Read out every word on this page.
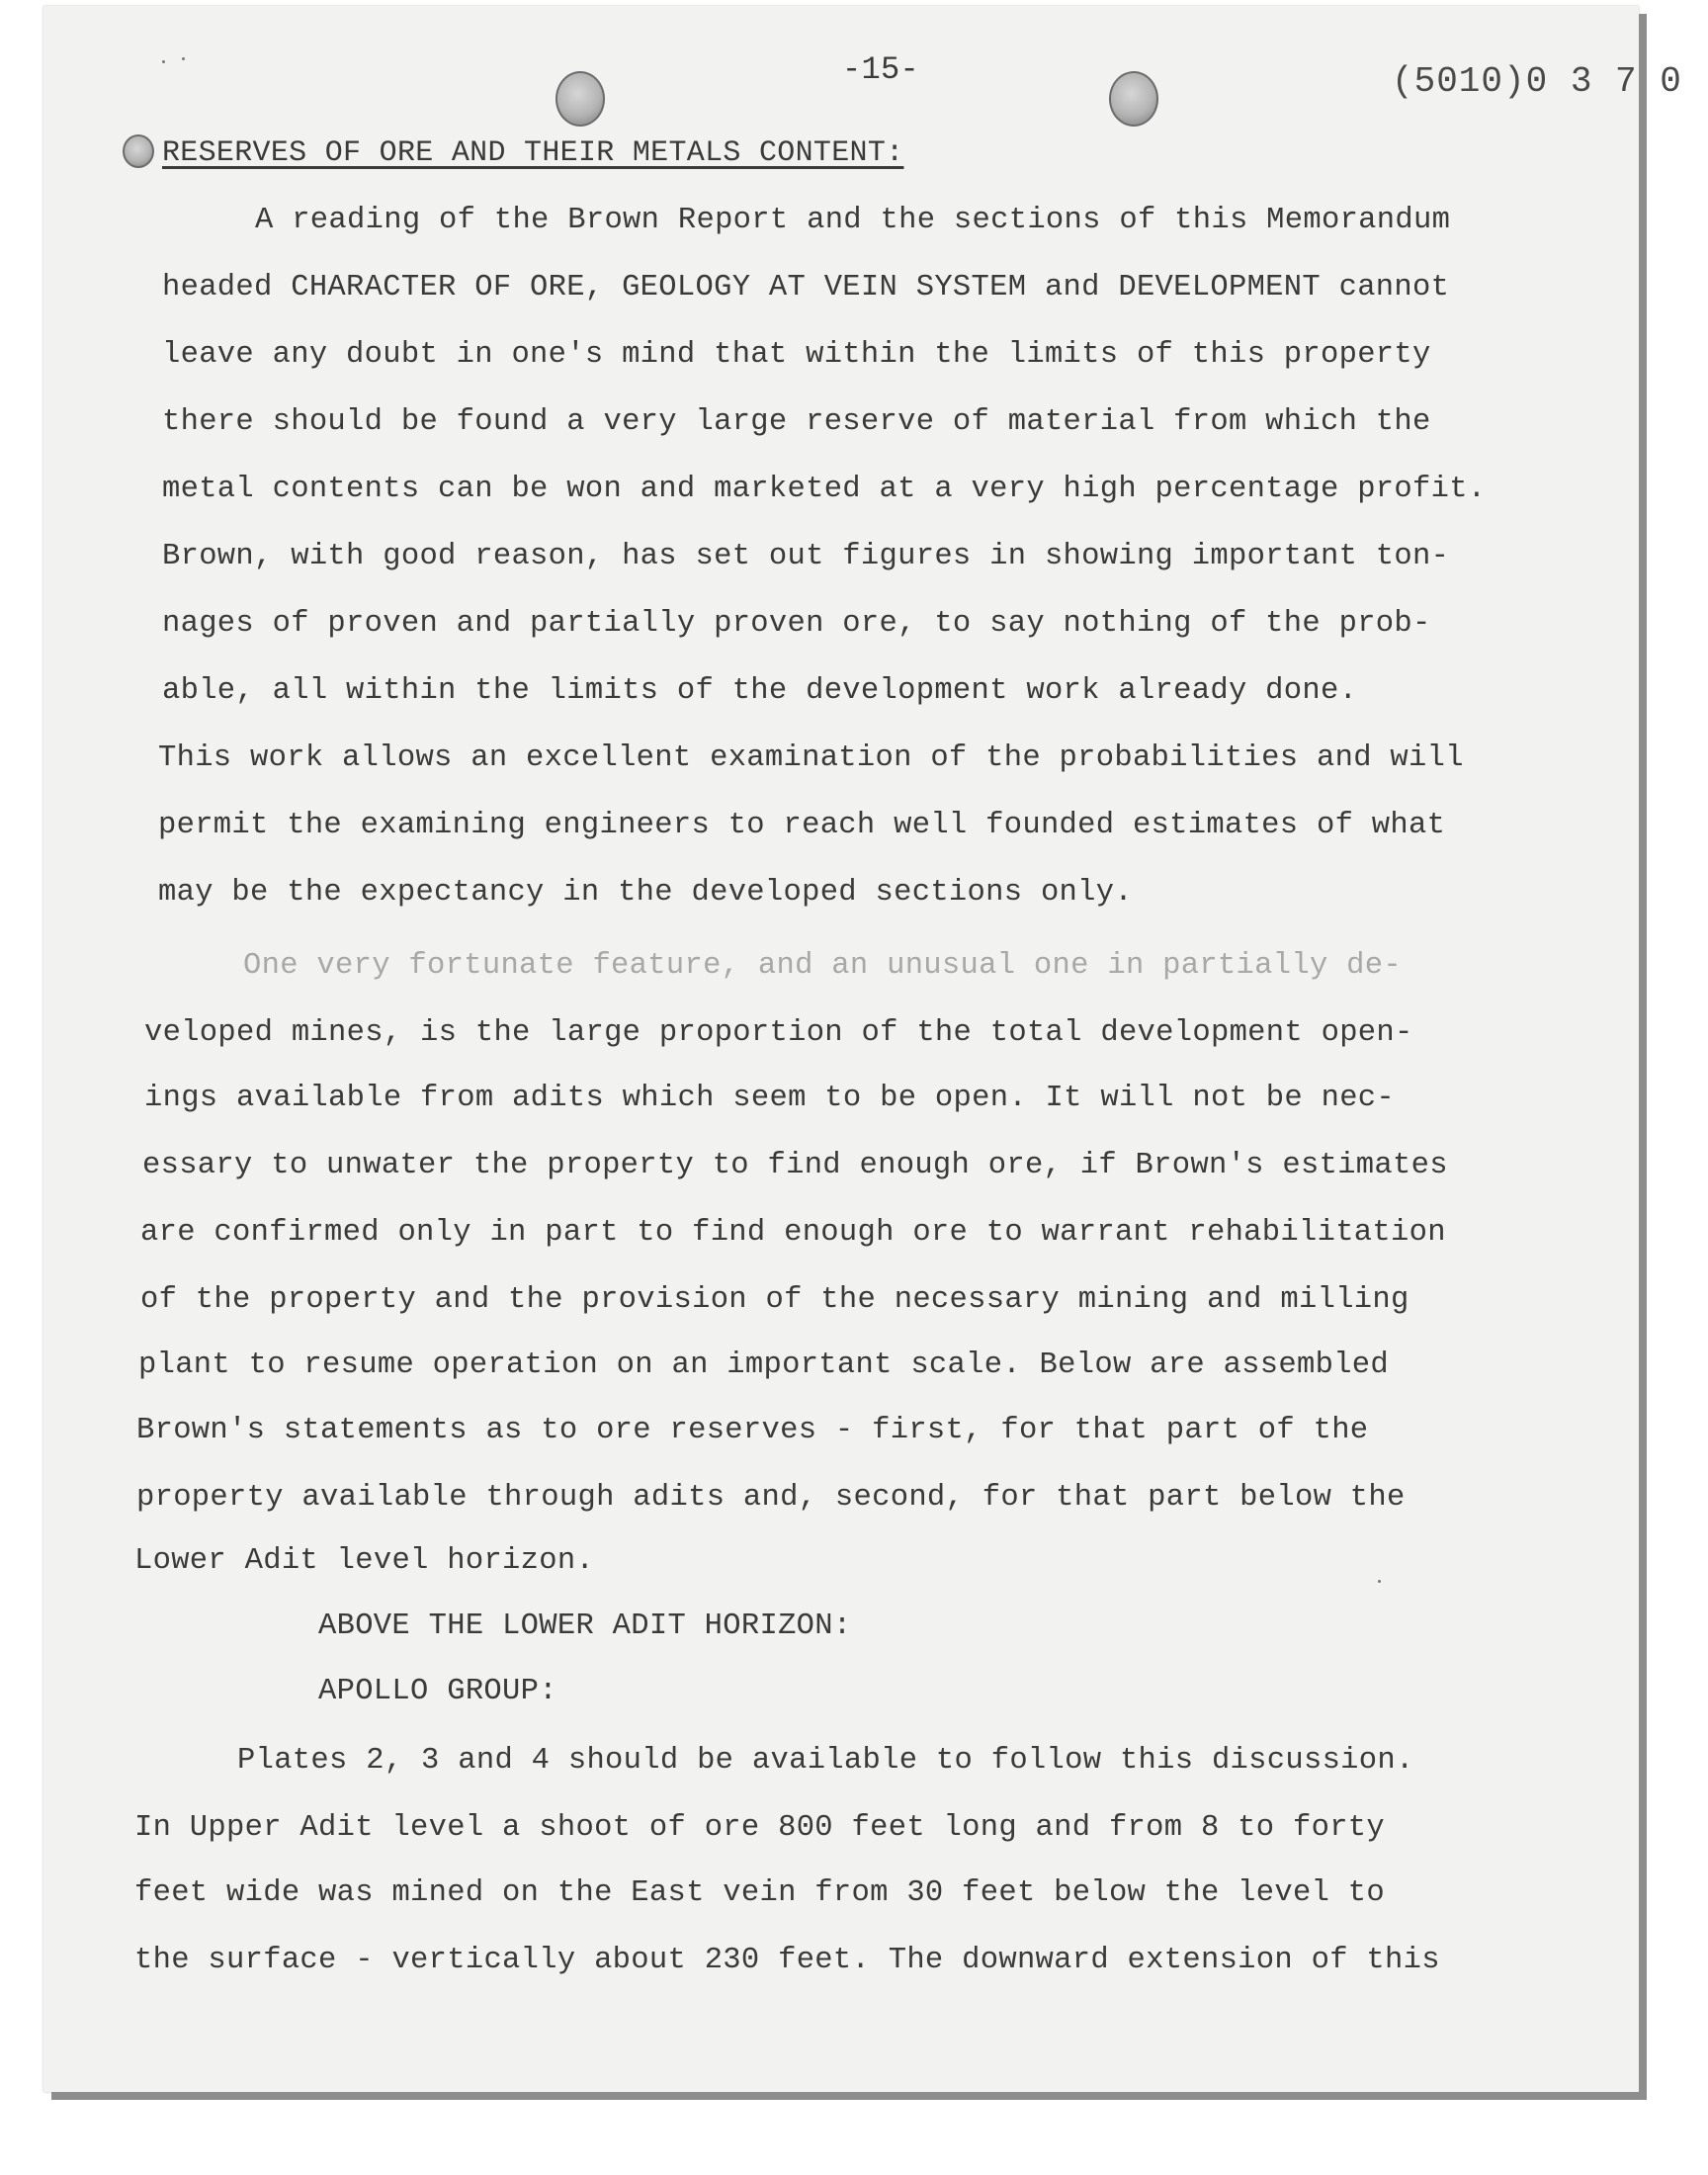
-15-	(5010)0 3 7 0
RESERVES OF ORE AND THEIR METALS CONTENT:
A reading of the Brown Report and the sections of this Memorandum
headed CHARACTER OF ORE, GEOLOGY AT VEIN SYSTEM and DEVELOPMENT cannot
leave any doubt in one's mind that within the limits of this property
there should be found a very large reserve of material from which the
metal contents can be won and marketed at a very high percentage profit.
Brown, with good reason, has set out figures in showing important ton-
nages of proven and partially proven ore, to say nothing of the prob-
able, all within the limits of the development work already done.
This work allows an excellent examination of the probabilities and will
permit the examining engineers to reach well founded estimates of what
may be the expectancy in the developed sections only.
One very fortunate feature, and an unusual one in partially de-
veloped mines, is the large proportion of the total development open-
ings available from adits which seem to be open. It will not be nec-
essary to unwater the property to find enough ore, if Brown's estimates
are confirmed only in part to find enough ore to warrant rehabilitation
of the property and the provision of the necessary mining and milling
plant to resume operation on an important scale. Below are assembled
Brown's statements as to ore reserves - first, for that part of the
property available through adits and, second, for that part below the
Lower Adit level horizon.
ABOVE THE LOWER ADIT HORIZON:
APOLLO GROUP:
Plates 2, 3 and 4 should be available to follow this discussion.
In Upper Adit level a shoot of ore 800 feet long and from 8 to forty
feet wide was mined on the East vein from 30 feet below the level to
the surface - vertically about 230 feet. The downward extension of this
